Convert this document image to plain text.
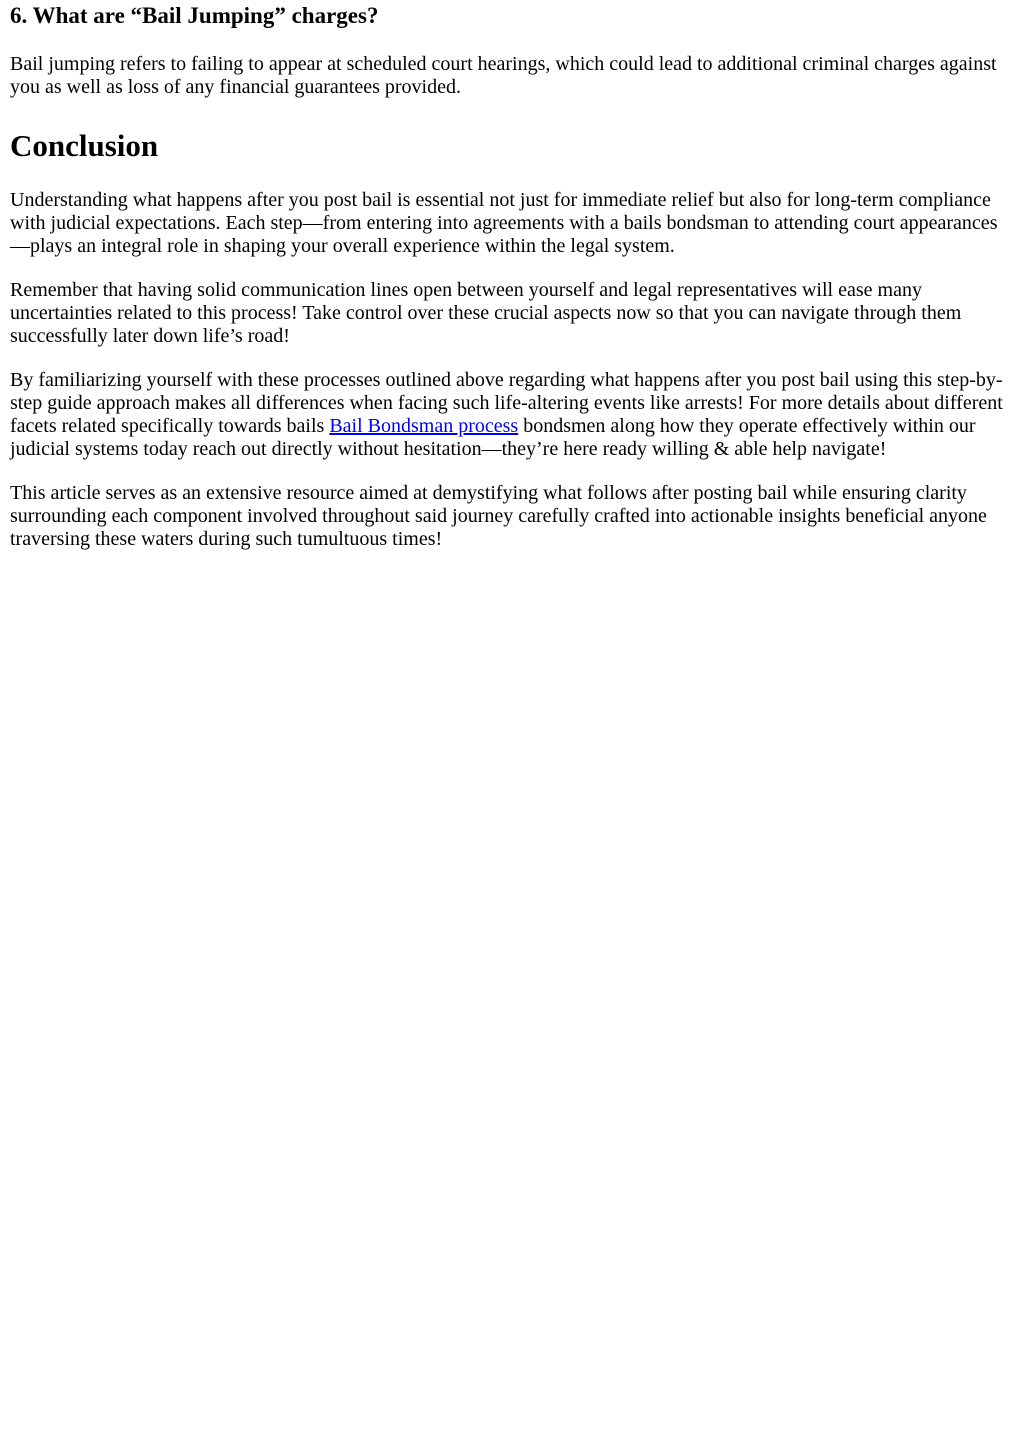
6. What are “Bail Jumping” charges?

Bail jumping refers to failing to appear at scheduled court hearings, which could lead to additional criminal charges against you as well as loss of any financial guarantees provided.

Conclusion

Understanding what happens after you post bail is essential not just for immediate relief but also for long-term compliance with judicial expectations. Each step—from entering into agreements with a bails bondsman to attending court appearances—plays an integral role in shaping your overall experience within the legal system.

Remember that having solid communication lines open between yourself and legal representatives will ease many uncertainties related to this process! Take control over these crucial aspects now so that you can navigate through them successfully later down life’s road!

By familiarizing yourself with these processes outlined above regarding what happens after you post bail using this step-by-step guide approach makes all differences when facing such life-altering events like arrests! For more details about different facets related specifically towards bails Bail Bondsman process bondsmen along how they operate effectively within our judicial systems today reach out directly without hesitation—they’re here ready willing & able help navigate!

This article serves as an extensive resource aimed at demystifying what follows after posting bail while ensuring clarity surrounding each component involved throughout said journey carefully crafted into actionable insights beneficial anyone traversing these waters during such tumultuous times!
